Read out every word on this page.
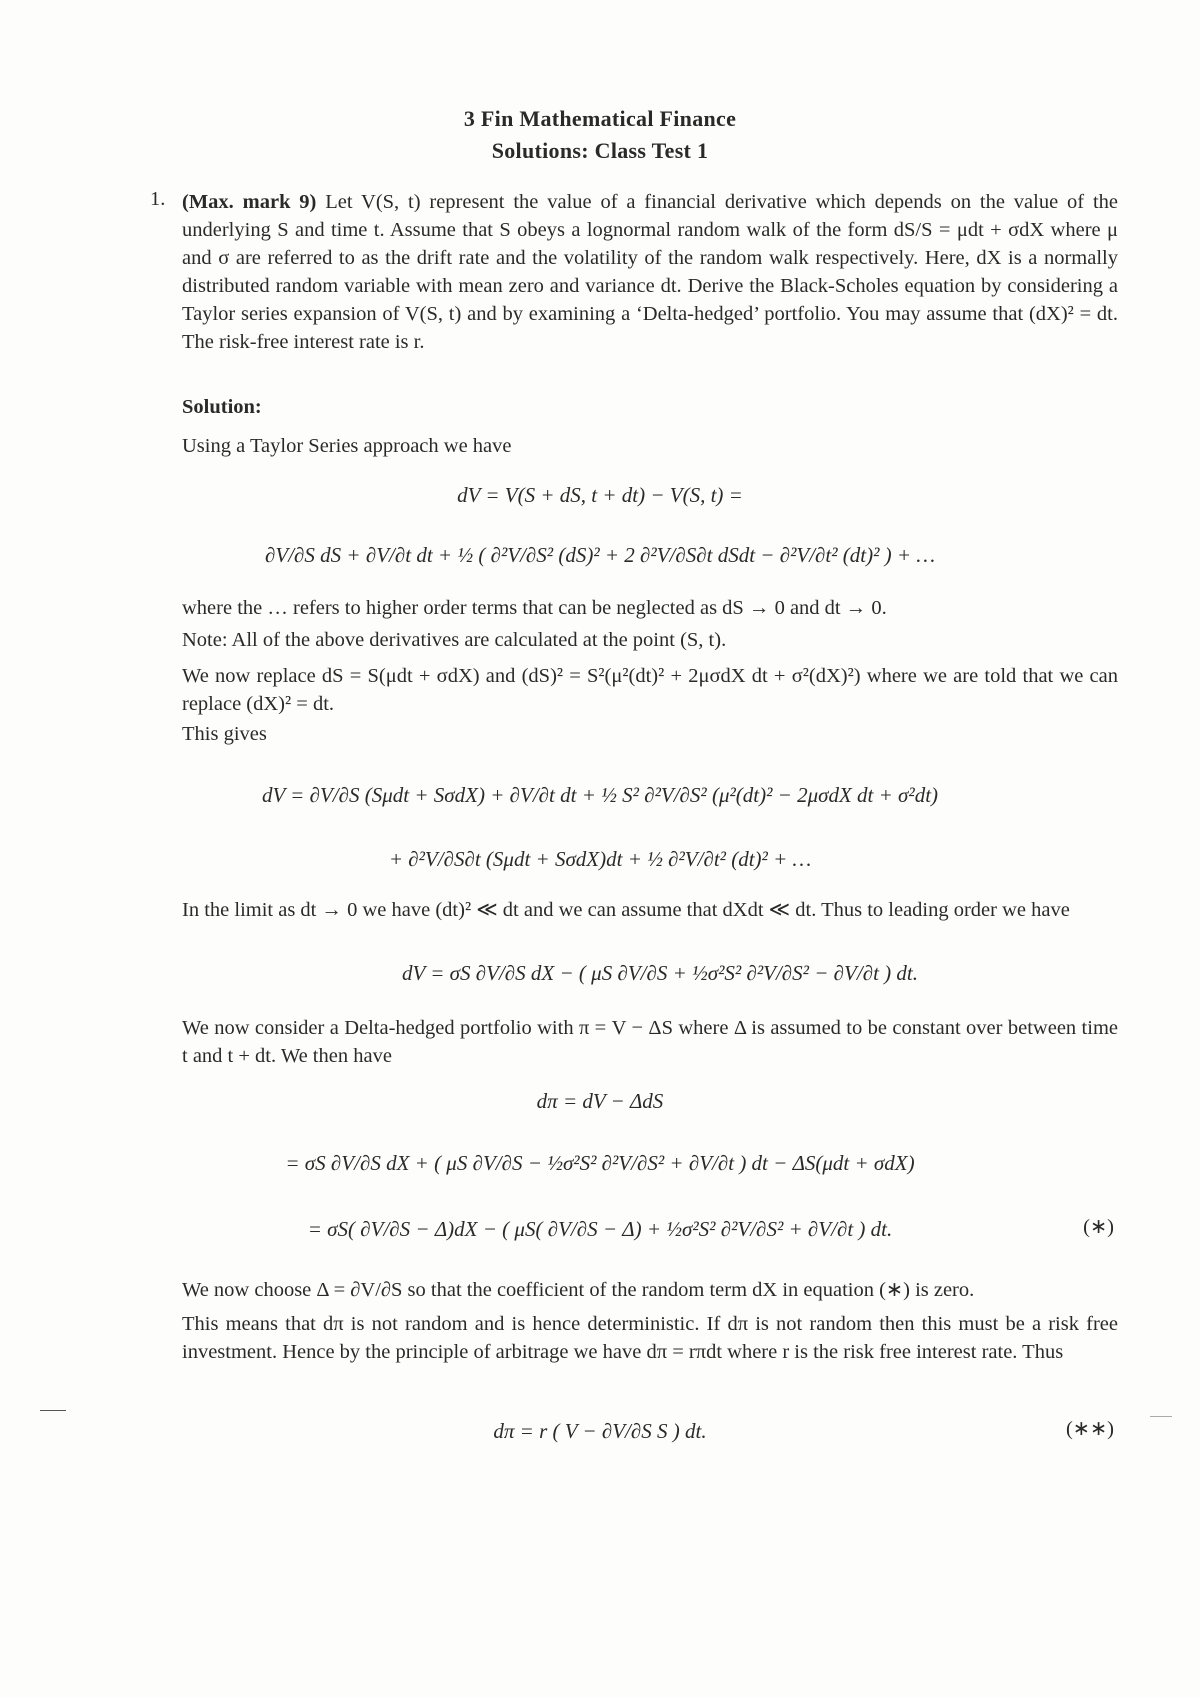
3 Fin Mathematical Finance
Solutions: Class Test 1
1. (Max. mark 9) Let V(S, t) represent the value of a financial derivative which depends on the value of the underlying S and time t. Assume that S obeys a lognormal random walk of the form dS/S = μdt + σdX where μ and σ are referred to as the drift rate and the volatility of the random walk respectively. Here, dX is a normally distributed random variable with mean zero and variance dt. Derive the Black-Scholes equation by considering a Taylor series expansion of V(S, t) and by examining a ‘Delta-hedged’ portfolio. You may assume that (dX)² = dt. The risk-free interest rate is r.
Solution:
Using a Taylor Series approach we have
dV = V(S + dS, t + dt) − V(S, t) =
∂V/∂S dS + ∂V/∂t dt + ½ ( ∂²V/∂S² (dS)² + 2 ∂²V/∂S∂t dSdt − ∂²V/∂t² (dt)² ) + …
where the … refers to higher order terms that can be neglected as dS → 0 and dt → 0.
Note: All of the above derivatives are calculated at the point (S, t).
We now replace dS = S(μdt + σdX) and (dS)² = S²(μ²(dt)² + 2μσdX dt + σ²(dX)²) where we are told that we can replace (dX)² = dt.
This gives
dV = ∂V/∂S (Sμdt + SσdX) + ∂V/∂t dt + ½ S² ∂²V/∂S² (μ²(dt)² − 2μσdX dt + σ²dt)
+ ∂²V/∂S∂t (Sμdt + SσdX)dt + ½ ∂²V/∂t² (dt)² + …
In the limit as dt → 0 we have (dt)² ≪ dt and we can assume that dXdt ≪ dt. Thus to leading order we have
dV = σS ∂V/∂S dX − ( μS ∂V/∂S + ½σ²S² ∂²V/∂S² − ∂V/∂t ) dt.
We now consider a Delta-hedged portfolio with π = V − ΔS where Δ is assumed to be constant over between time t and t + dt. We then have
dπ = dV − ΔdS
= σS ∂V/∂S dX + ( μS ∂V/∂S − ½σ²S² ∂²V/∂S² + ∂V/∂t ) dt − ΔS(μdt + σdX)
= σS( ∂V/∂S − Δ)dX − ( μS( ∂V/∂S − Δ) + ½σ²S² ∂²V/∂S² + ∂V/∂t ) dt.	(∗)
We now choose Δ = ∂V/∂S so that the coefficient of the random term dX in equation (∗) is zero.
This means that dπ is not random and is hence deterministic. If dπ is not random then this must be a risk free investment. Hence by the principle of arbitrage we have dπ = rπdt where r is the risk free interest rate. Thus
dπ = r ( V − ∂V/∂S S ) dt.	(∗∗)
